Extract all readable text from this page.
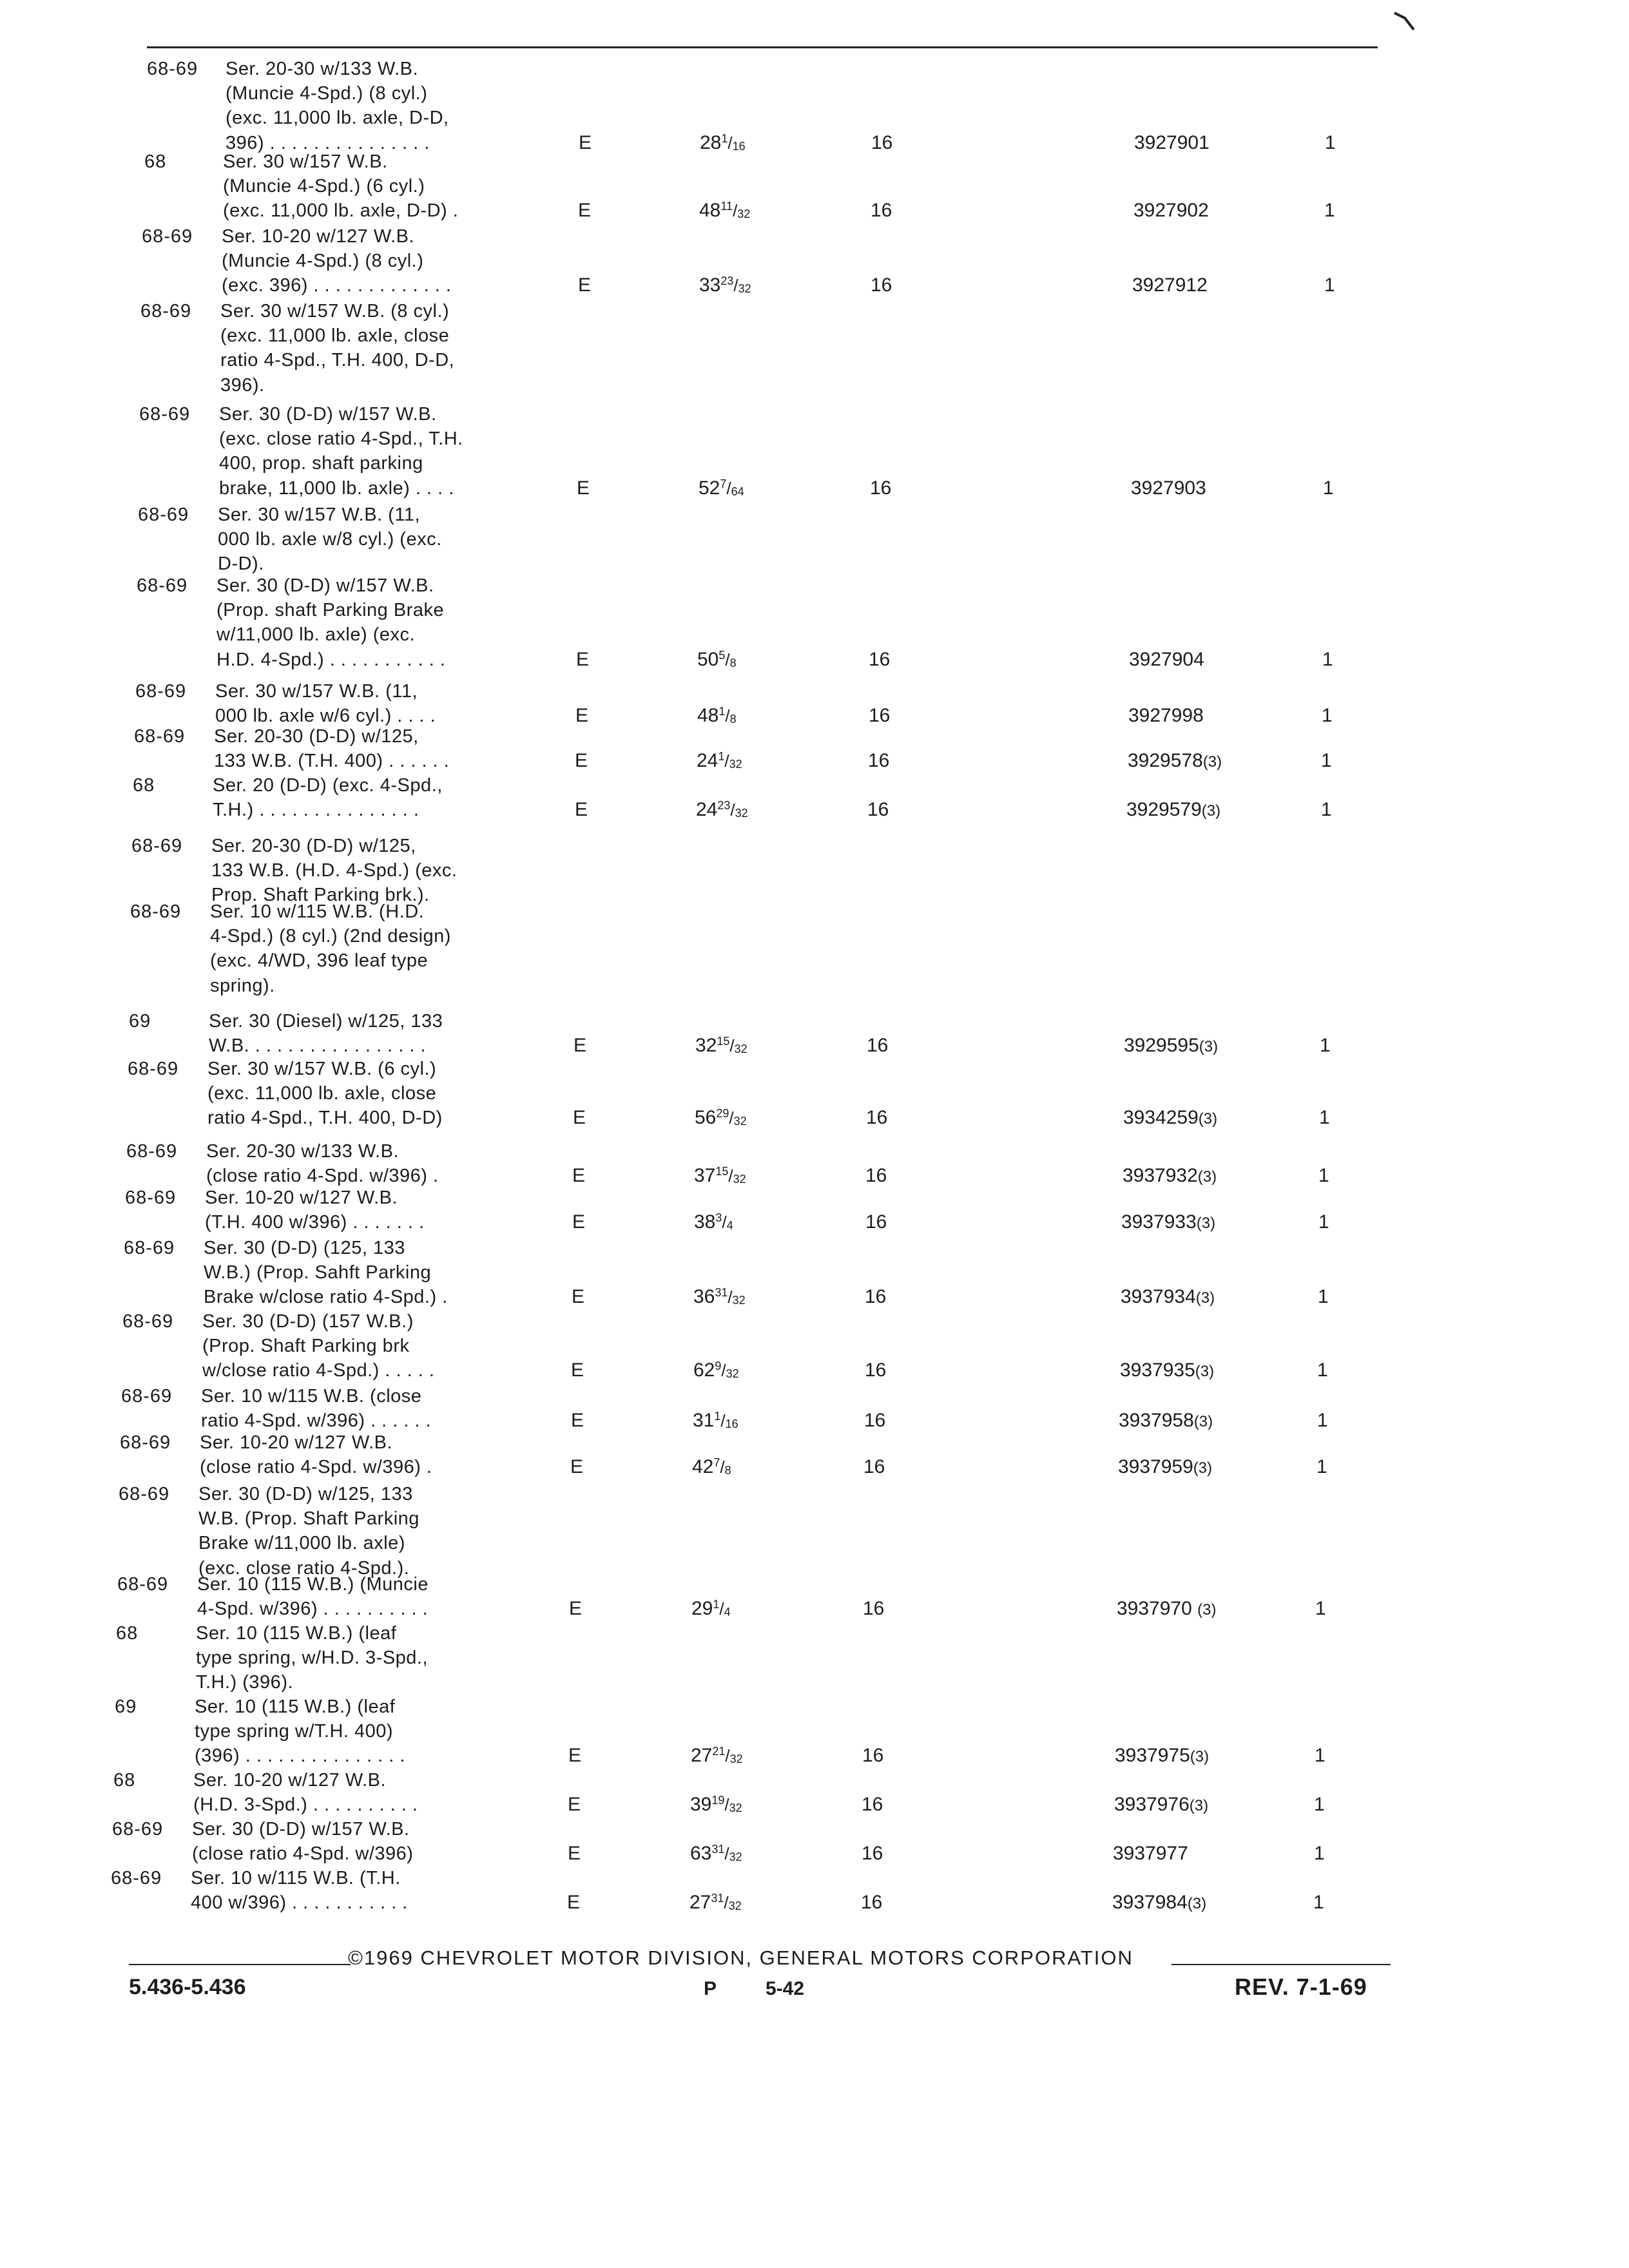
68-69 Ser. 20-30 w/133 W.B.
(Muncie 4-Spd.) (8 cyl.)
(exc. 11,000 lb. axle, D-D,
396) . . . . . . . . . . . . . . .	E	$28^1/_{16}$	16	3927901	1
68	Ser. 30 w/157 W.B.
(Muncie 4-Spd.) (6 cyl.)
(exc. 11,000 lb. axle, D-D) .	E	$48^{11}/_{32}$	16	3927902	1
68-69 Ser. 10-20 w/127 W.B.
(Muncie 4-Spd.) (8 cyl.)
(exc. 396) . . . . . . . . . . . . .	E	$33^{23}/_{32}$	16	3927912	1
68-69 Ser. 30 w/157 W.B. (8 cyl.)
(exc. 11,000 lb. axle, close
ratio 4-Spd., T.H. 400, D-D,
396).
68-69 Ser. 30 (D-D) w/157 W.B.
(exc. close ratio 4-Spd., T.H.
400, prop. shaft parking
brake, 11,000 lb. axle) . . . .	E	$52^7/_{64}$	16	3927903	1
68-69 Ser. 30 w/157 W.B. (11,
000 lb. axle w/8 cyl.) (exc.
D-D).
68-69 Ser. 30 (D-D) w/157 W.B.
(Prop. shaft Parking Brake
w/11,000 lb. axle) (exc.
H.D. 4-Spd.) . . . . . . . . . . .	E	$50^5/_8$	16	3927904	1
68-69 Ser. 30 w/157 W.B. (11,
000 lb. axle w/6 cyl.) . . . .	E	$48^1/_8$	16	3927998	1
68-69 Ser. 20-30 (D-D) w/125,
133 W.B. (T.H. 400) . . . . . .	E	$24^1/_{32}$	16	3929578(3)	1
68	Ser. 20 (D-D) (exc. 4-Spd.,
T.H.) . . . . . . . . . . . . . . .	E	$24^{23}/_{32}$	16	3929579(3)	1
68-69 Ser. 20-30 (D-D) w/125,
133 W.B. (H.D. 4-Spd.) (exc.
Prop. Shaft Parking brk.).
68-69 Ser. 10 w/115 W.B. (H.D.
4-Spd.) (8 cyl.) (2nd design)
(exc. 4/WD, 396 leaf type
spring).
69	Ser. 30 (Diesel) w/125, 133
W.B. . . . . . . . . . . . . . . . .	E	$32^{15}/_{32}$	16	3929595(3)	1
68-69 Ser. 30 w/157 W.B. (6 cyl.)
(exc. 11,000 lb. axle, close
ratio 4-Spd., T.H. 400, D-D)	E	$56^{29}/_{32}$	16	3934259(3)	1
68-69 Ser. 20-30 w/133 W.B.
(close ratio 4-Spd. w/396) .	E	$37^{15}/_{32}$	16	3937932(3)	1
68-69 Ser. 10-20 w/127 W.B.
(T.H. 400 w/396) . . . . . . .	E	$38^3/_4$	16	3937933(3)	1
68-69 Ser. 30 (D-D) (125, 133
W.B.) (Prop. Sahft Parking
Brake w/close ratio 4-Spd.) .	E	$36^{31}/_{32}$	16	3937934(3)	1
68-69 Ser. 30 (D-D) (157 W.B.)
(Prop. Shaft Parking brk
w/close ratio 4-Spd.) . . . . .	E	$62^9/_{32}$	16	3937935(3)	1
68-69 Ser. 10 w/115 W.B. (close
ratio 4-Spd. w/396) . . . . . .	E	$31^1/_{16}$	16	3937958(3)	1
68-69 Ser. 10-20 w/127 W.B.
(close ratio 4-Spd. w/396) .	E	$42^7/_8$	16	3937959(3)	1
68-69 Ser. 30 (D-D) w/125, 133
W.B. (Prop. Shaft Parking
Brake w/11,000 lb. axle)
(exc. close ratio 4-Spd.).
68-69 Ser. 10 (115 W.B.) (Muncie
4-Spd. w/396) . . . . . . . . . .	E	$29^1/_4$	16	3937970 (3)	1
68	Ser. 10 (115 W.B.) (leaf
type spring, w/H.D. 3-Spd.,
T.H.) (396).
69	Ser. 10 (115 W.B.) (leaf
type spring w/T.H. 400)
(396) . . . . . . . . . . . . . . .	E	$27^{21}/_{32}$	16	3937975(3)	1
68	Ser. 10-20 w/127 W.B.
(H.D. 3-Spd.) . . . . . . . . . .	E	$39^{19}/_{32}$	16	3937976(3)	1
68-69 Ser. 30 (D-D) w/157 W.B.
(close ratio 4-Spd. w/396)	E	$63^{31}/_{32}$	16	3937977	1
68-69 Ser. 10 w/115 W.B. (T.H.
400 w/396) . . . . . . . . . . .	E	$27^{31}/_{32}$	16	3937984(3)	1
©1969 CHEVROLET MOTOR DIVISION, GENERAL MOTORS CORPORATION
5.436-5.436	P	5-42	REV. 7-1-69
